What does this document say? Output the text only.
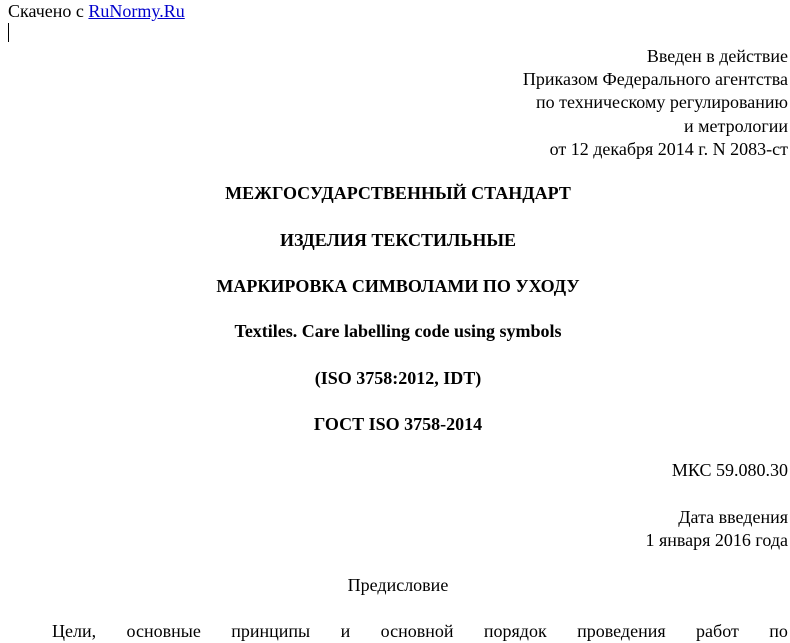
Скачено с RuNormy.Ru
Введен в действие
Приказом Федерального агентства
по техническому регулированию
и метрологии
от 12 декабря 2014 г. N 2083-ст
МЕЖГОСУДАРСТВЕННЫЙ СТАНДАРТ
ИЗДЕЛИЯ ТЕКСТИЛЬНЫЕ
МАРКИРОВКА СИМВОЛАМИ ПО УХОДУ
Textiles. Care labelling code using symbols
(ISO 3758:2012, IDT)
ГОСТ ISO 3758-2014
МКС 59.080.30
Дата введения
1 января 2016 года
Предисловие
Цели, основные принципы и основной порядок проведения работ по
